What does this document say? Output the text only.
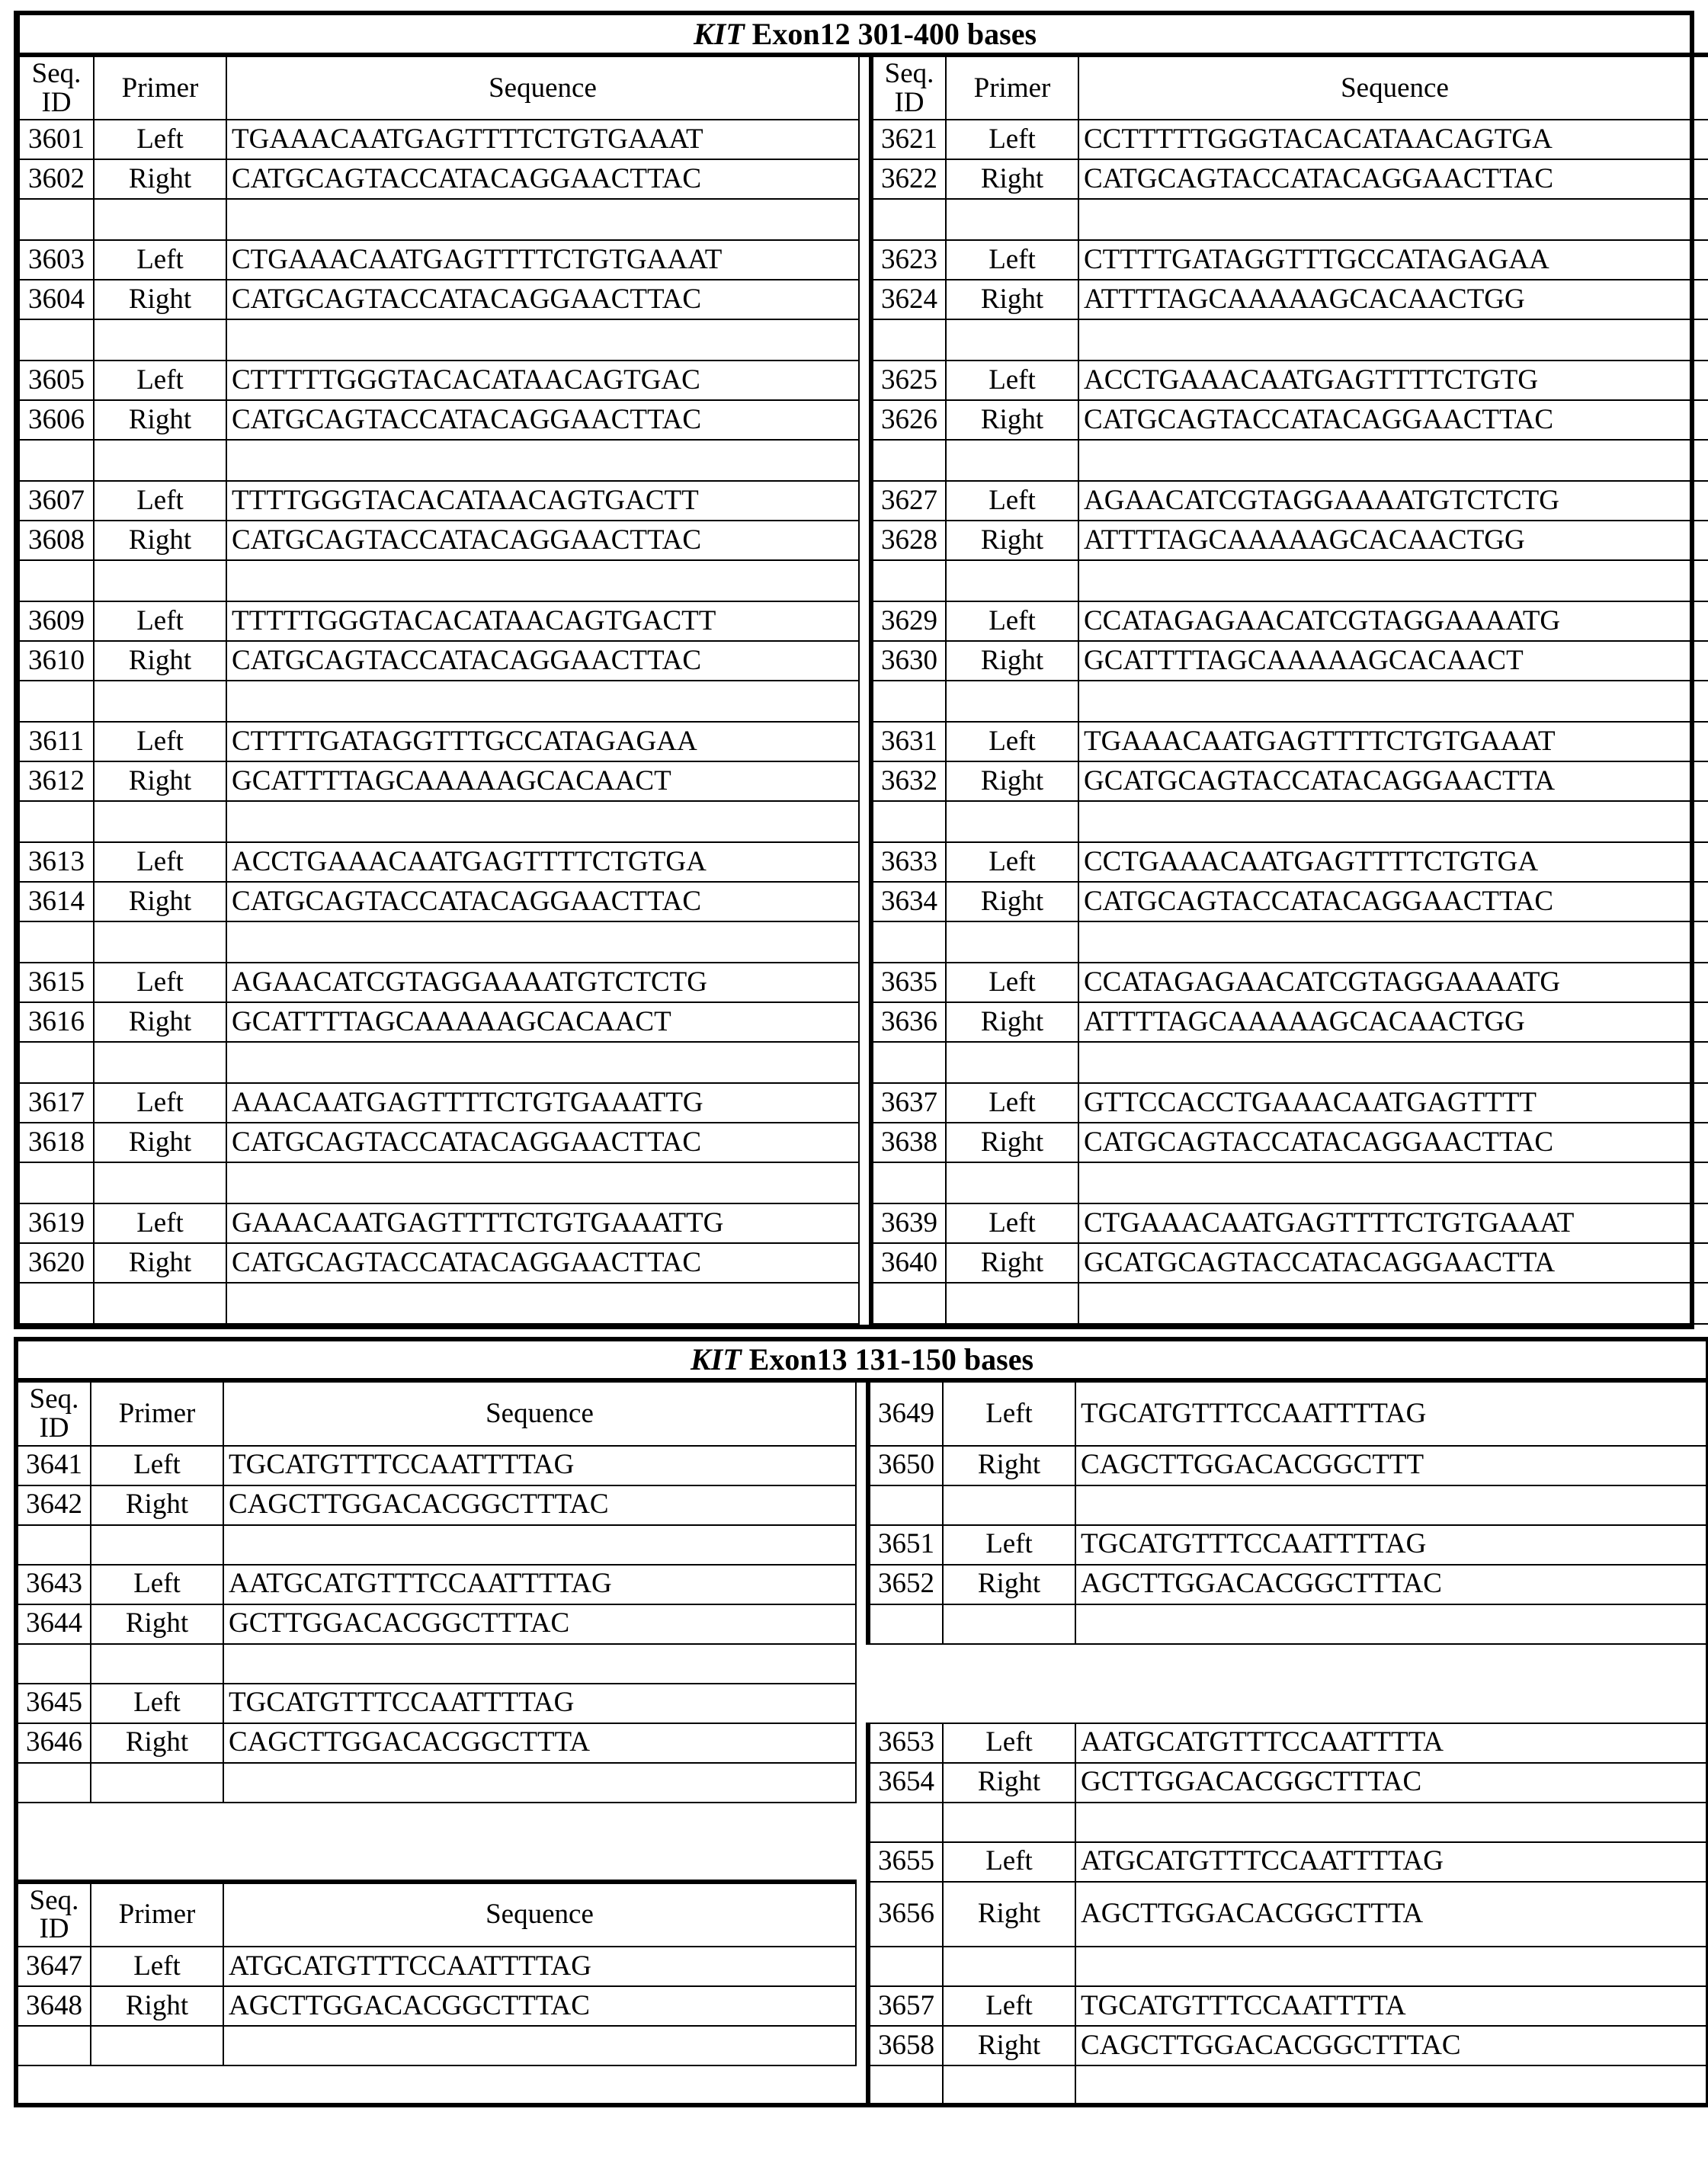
KIT Exon12 301-400 bases						

Seq.
ID	Primer	Sequence		Seq.
ID	Primer	Sequence
3601	Left	TGAAACAATGAGTTTTCTGTGAAAT		3621	Left	CCTTTTTGGGTACACATAACAGTGA
3602	Right	CATGCAGTACCATACAGGAACTTAC		3622	Right	CATGCAGTACCATACAGGAACTTAC

3603	Left	CTGAAACAATGAGTTTTCTGTGAAAT		3623	Left	CTTTTGATAGGTTTGCCATAGAGAA
3604	Right	CATGCAGTACCATACAGGAACTTAC		3624	Right	ATTTTAGCAAAAAGCACAACTGG

3605	Left	CTTTTTGGGTACACATAACAGTGAC		3625	Left	ACCTGAAACAATGAGTTTTCTGTG
3606	Right	CATGCAGTACCATACAGGAACTTAC		3626	Right	CATGCAGTACCATACAGGAACTTAC

3607	Left	TTTTGGGTACACATAACAGTGACTT		3627	Left	AGAACATCGTAGGAAAATGTCTCTG
3608	Right	CATGCAGTACCATACAGGAACTTAC		3628	Right	ATTTTAGCAAAAAGCACAACTGG

3609	Left	TTTTTGGGTACACATAACAGTGACTT		3629	Left	CCATAGAGAACATCGTAGGAAAATG
3610	Right	CATGCAGTACCATACAGGAACTTAC		3630	Right	GCATTTTAGCAAAAAGCACAACT

3611	Left	CTTTTGATAGGTTTGCCATAGAGAA		3631	Left	TGAAACAATGAGTTTTCTGTGAAAT
3612	Right	GCATTTTAGCAAAAAGCACAACT		3632	Right	GCATGCAGTACCATACAGGAACTTA

3613	Left	ACCTGAAACAATGAGTTTTCTGTGA		3633	Left	CCTGAAACAATGAGTTTTCTGTGA
3614	Right	CATGCAGTACCATACAGGAACTTAC		3634	Right	CATGCAGTACCATACAGGAACTTAC

3615	Left	AGAACATCGTAGGAAAATGTCTCTG		3635	Left	CCATAGAGAACATCGTAGGAAAATG
3616	Right	GCATTTTAGCAAAAAGCACAACT		3636	Right	ATTTTAGCAAAAAGCACAACTGG

3617	Left	AAACAATGAGTTTTCTGTGAAATTG		3637	Left	GTTCCACCTGAAACAATGAGTTTT
3618	Right	CATGCAGTACCATACAGGAACTTAC		3638	Right	CATGCAGTACCATACAGGAACTTAC

3619	Left	GAAACAATGAGTTTTCTGTGAAATTG		3639	Left	CTGAAACAATGAGTTTTCTGTGAAAT
3620	Right	CATGCAGTACCATACAGGAACTTAC		3640	Right	GCATGCAGTACCATACAGGAACTTA

KIT Exon13 131-150 bases						

Seq.
ID	Primer	Sequence		3649	Left	TGCATGTTTCCAATTTTAG
3641	Left	TGCATGTTTCCAATTTTAG		3650	Right	CAGCTTGGACACGGCTTT
3642	Right	CAGCTTGGACACGGCTTTAC				
				3651	Left	TGCATGTTTCCAATTTTAG
3643	Left	AATGCATGTTTCCAATTTTAG		3652	Right	AGCTTGGACACGGCTTTAC
3644	Right	GCTTGGACACGGCTTTAC				

3645	Left	TGCATGTTTCCAATTTTAG				
3646	Right	CAGCTTGGACACGGCTTTA		3653	Left	AATGCATGTTTCCAATTTTA
				3654	Right	GCTTGGACACGGCTTTAC

				3655	Left	ATGCATGTTTCCAATTTTAG

Seq.
ID	Primer	Sequence		3656	Right	AGCTTGGACACGGCTTTA
3647	Left	ATGCATGTTTCCAATTTTAG				
3648	Right	AGCTTGGACACGGCTTTAC		3657	Left	TGCATGTTTCCAATTTTA
				3658	Right	CAGCTTGGACACGGCTTTAC
